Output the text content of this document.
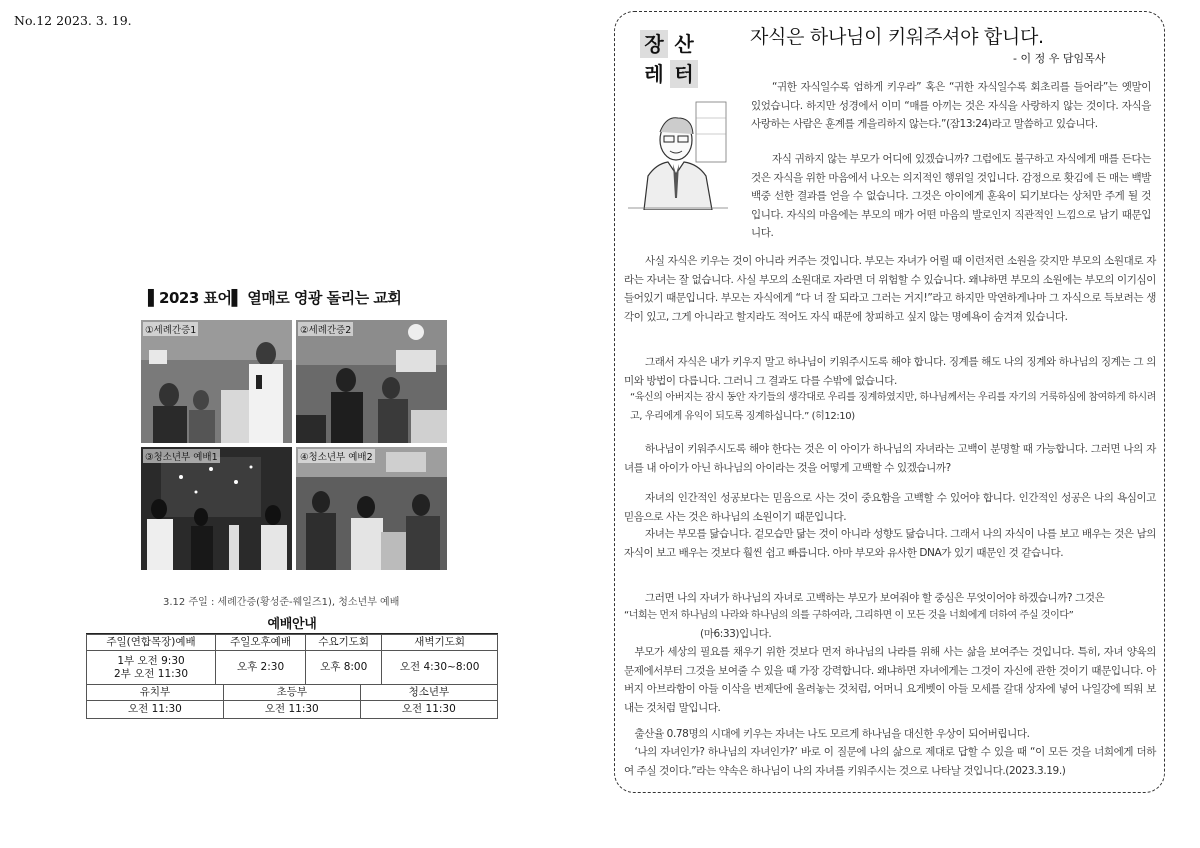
No.12 2023. 3. 19.
▌2023 표어▌ 열매로 영광 돌리는 교회
①세례간증1	②세례간증2
③청소년부 예배1	④청소년부 예배2
3.12 주일 : 세례간증(황성준-웨일즈1), 청소년부 예배
예배안내
주일(연합목장)예배	주일오후예배	수요기도회	새벽기도회
1부 오전 9:30
2부 오전 11:30	오후 2:30	오후 8:00	오전 4:30~8:00
유치부	초등부	청소년부
오전 11:30	오전 11:30	오전 11:30
장 산
레 터
자식은 하나님이 키워주셔야 합니다.
- 이 정 우 담임목사
“귀한 자식일수록 엄하게 키우라” 혹은 “귀한 자식일수록 회초리를 들어라”는 옛말이 있었습니다. 하지만 성경에서 이미 “매를 아끼는 것은 자식을 사랑하지 않는 것이다. 자식을 사랑하는 사람은 훈계를 게을리하지 않는다.”(잠13:24)라고 말씀하고 있습니다.
자식 귀하지 않는 부모가 어디에 있겠습니까? 그럼에도 불구하고 자식에게 매를 든다는 것은 자식을 위한 마음에서 나오는 의지적인 행위일 것입니다. 감정으로 홧김에 든 매는 백발백중 선한 결과를 얻을 수 없습니다. 그것은 아이에게 훈육이 되기보다는 상처만 주게 될 것입니다. 자식의 마음에는 부모의 매가 어떤 마음의 발로인지 직관적인 느낌으로 남기 때문입니다.
사실 자식은 키우는 것이 아니라 커주는 것입니다. 부모는 자녀가 어릴 때 이런저런 소원을 갖지만 부모의 소원대로 자라는 자녀는 잘 없습니다. 사실 부모의 소원대로 자라면 더 위험할 수 있습니다. 왜냐하면 부모의 소원에는 부모의 이기심이 들어있기 때문입니다. 부모는 자식에게 “다 너 잘 되라고 그러는 거지!”라고 하지만 막연하게나마 그 자식으로 득보려는 생각이 있고, 그게 아니라고 할지라도 적어도 자식 때문에 창피하고 싶지 않는 명예욕이 숨겨져 있습니다.
그래서 자식은 내가 키우지 말고 하나님이 키워주시도록 해야 합니다. 징계를 해도 나의 징계와 하나님의 징계는 그 의미와 방법이 다릅니다. 그러니 그 결과도 다를 수밖에 없습니다.
“육신의 아버지는 잠시 동안 자기들의 생각대로 우리를 징계하였지만, 하나님께서는 우리를 자기의 거룩하심에 참여하게 하시려고, 우리에게 유익이 되도록 징계하십니다.” (히12:10)
하나님이 키워주시도록 해야 한다는 것은 이 아이가 하나님의 자녀라는 고백이 분명할 때 가능합니다. 그러면 나의 자녀를 내 아이가 아닌 하나님의 아이라는 것을 어떻게 고백할 수 있겠습니까?
자녀의 인간적인 성공보다는 믿음으로 사는 것이 중요함을 고백할 수 있어야 합니다. 인간적인 성공은 나의 욕심이고 믿음으로 사는 것은 하나님의 소원이기 때문입니다.
자녀는 부모를 닮습니다. 겉모습만 닮는 것이 아니라 성향도 닮습니다. 그래서 나의 자식이 나를 보고 배우는 것은 남의 자식이 보고 배우는 것보다 훨씬 쉽고 빠릅니다. 아마 부모와 유사한 DNA가 있기 때문인 것 같습니다.
그러면 나의 자녀가 하나님의 자녀로 고백하는 부모가 보여줘야 할 중심은 무엇이어야 하겠습니까? 그것은
“너희는 먼저 하나님의 나라와 하나님의 의를 구하여라, 그리하면 이 모든 것을 너희에게 더하여 주실 것이다”
(마6:33)입니다.
부모가 세상의 필요를 채우기 위한 것보다 먼저 하나님의 나라를 위해 사는 삶을 보여주는 것입니다. 특히, 자녀 양육의 문제에서부터 그것을 보여줄 수 있을 때 가장 강력합니다. 왜냐하면 자녀에게는 그것이 자신에 관한 것이기 때문입니다. 아버지 아브라함이 아들 이삭을 번제단에 올려놓는 것처럼, 어머니 요게벳이 아들 모세를 갈대 상자에 넣어 나일강에 띄워 보내는 것처럼 말입니다.
출산율 0.78명의 시대에 키우는 자녀는 나도 모르게 하나님을 대신한 우상이 되어버립니다.
‘나의 자녀인가? 하나님의 자녀인가?’ 바로 이 질문에 나의 삶으로 제대로 답할 수 있을 때 “이 모든 것을 너희에게 더하여 주실 것이다.”라는 약속은 하나님이 나의 자녀를 키워주시는 것으로 나타날 것입니다.(2023.3.19.)
